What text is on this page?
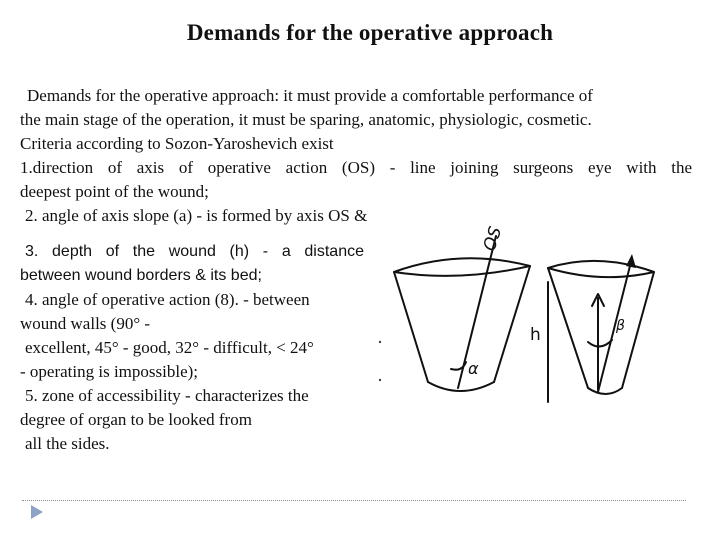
Demands for the operative approach
Demands for the operative approach: it must provide a comfortable performance of
the main stage of the operation, it must be sparing, anatomic, physiologic, cosmetic.
Criteria according to Sozon-Yaroshevich exist
1.direction of axis of operative action (OS) - line joining surgeons eye with the
deepest point of the wound;
2. angle of axis slope (a) - is formed by axis OS &
3. depth of the wound (h) - a distance
between wound borders & its bed;
4. angle of operative action (8). - between
wound walls (90° -
excellent, 45° - good, 32° - difficult, < 24°
- operating is impossible);
5. zone of accessibility - characterizes the
degree of organ to be looked from
all the sides.
OS
α
h	β
